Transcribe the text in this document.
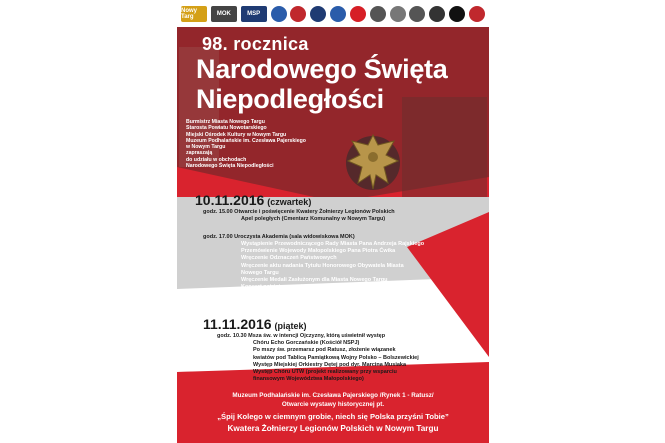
Nowy Targ	MOK	MSP
98. rocznica
Narodowego Święta
Niepodległości
Burmistrz Miasta Nowego Targu
Starosta Powiatu Nowotarskiego
Miejski Ośrodek Kultury w Nowym Targu
Muzeum Podhalańskie im. Czesława Pajerskiego
w Nowym Targu
zapraszają
do udziału w obchodach
Narodowego Święta Niepodległości
10.11.2016 (czwartek)
godz. 15.00 Otwarcie i poświęcenie Kwatery Żołnierzy Legionów Polskich
Apel poległych (Cmentarz Komunalny w Nowym Targu)
godz. 17.00 Uroczysta Akademia (sala widowiskowa MOK)
Wystąpienie Przewodniczącego Rady Miasta Pana Andrzeja Rajskiego
Przemówienie Wojewody Małopolskiego Pana Piotra Ćwika
Wręczenie Odznaczeń Państwowych
Wręczenie aktu nadania Tytułu Honorowego Obywatela Miasta
Nowego Targu
Wręczenie Medali Zasłużonym dla Miasta Nowego Targu
Koncert patriotyczny pt. „Polska jest Ojczyzną” w wykonaniu
nauczycieli i uczniów Państwowej Szkoły Muzycznej im. F. Chopina
w Nowym Targu
11.11.2016 (piątek)
godz. 10.30 Msza św. w intencji Ojczyzny, którą uświetnił występ
Chóru Echo Gorczańskie (Kościół NSPJ)
Po mszy św. przemarsz pod Ratusz, złożenie wiązanek
kwiatów pod Tablicą Pamiątkową Wojny Polsko – Bolszewickiej
Występ Miejskiej Orkiestry Dętej pod dyr. Marcina Musiaka
Występ Chóru UTW (projekt realizowany przy wsparciu
finansowym Województwa Małopolskiego)
Muzeum Podhalańskie im. Czesława Pajerskiego /Rynek 1 - Ratusz/
Otwarcie wystawy historycznej pt.
„Śpij Kolego w ciemnym grobie, niech się Polska przyśni Tobie”
Kwatera Żołnierzy Legionów Polskich w Nowym Targu
